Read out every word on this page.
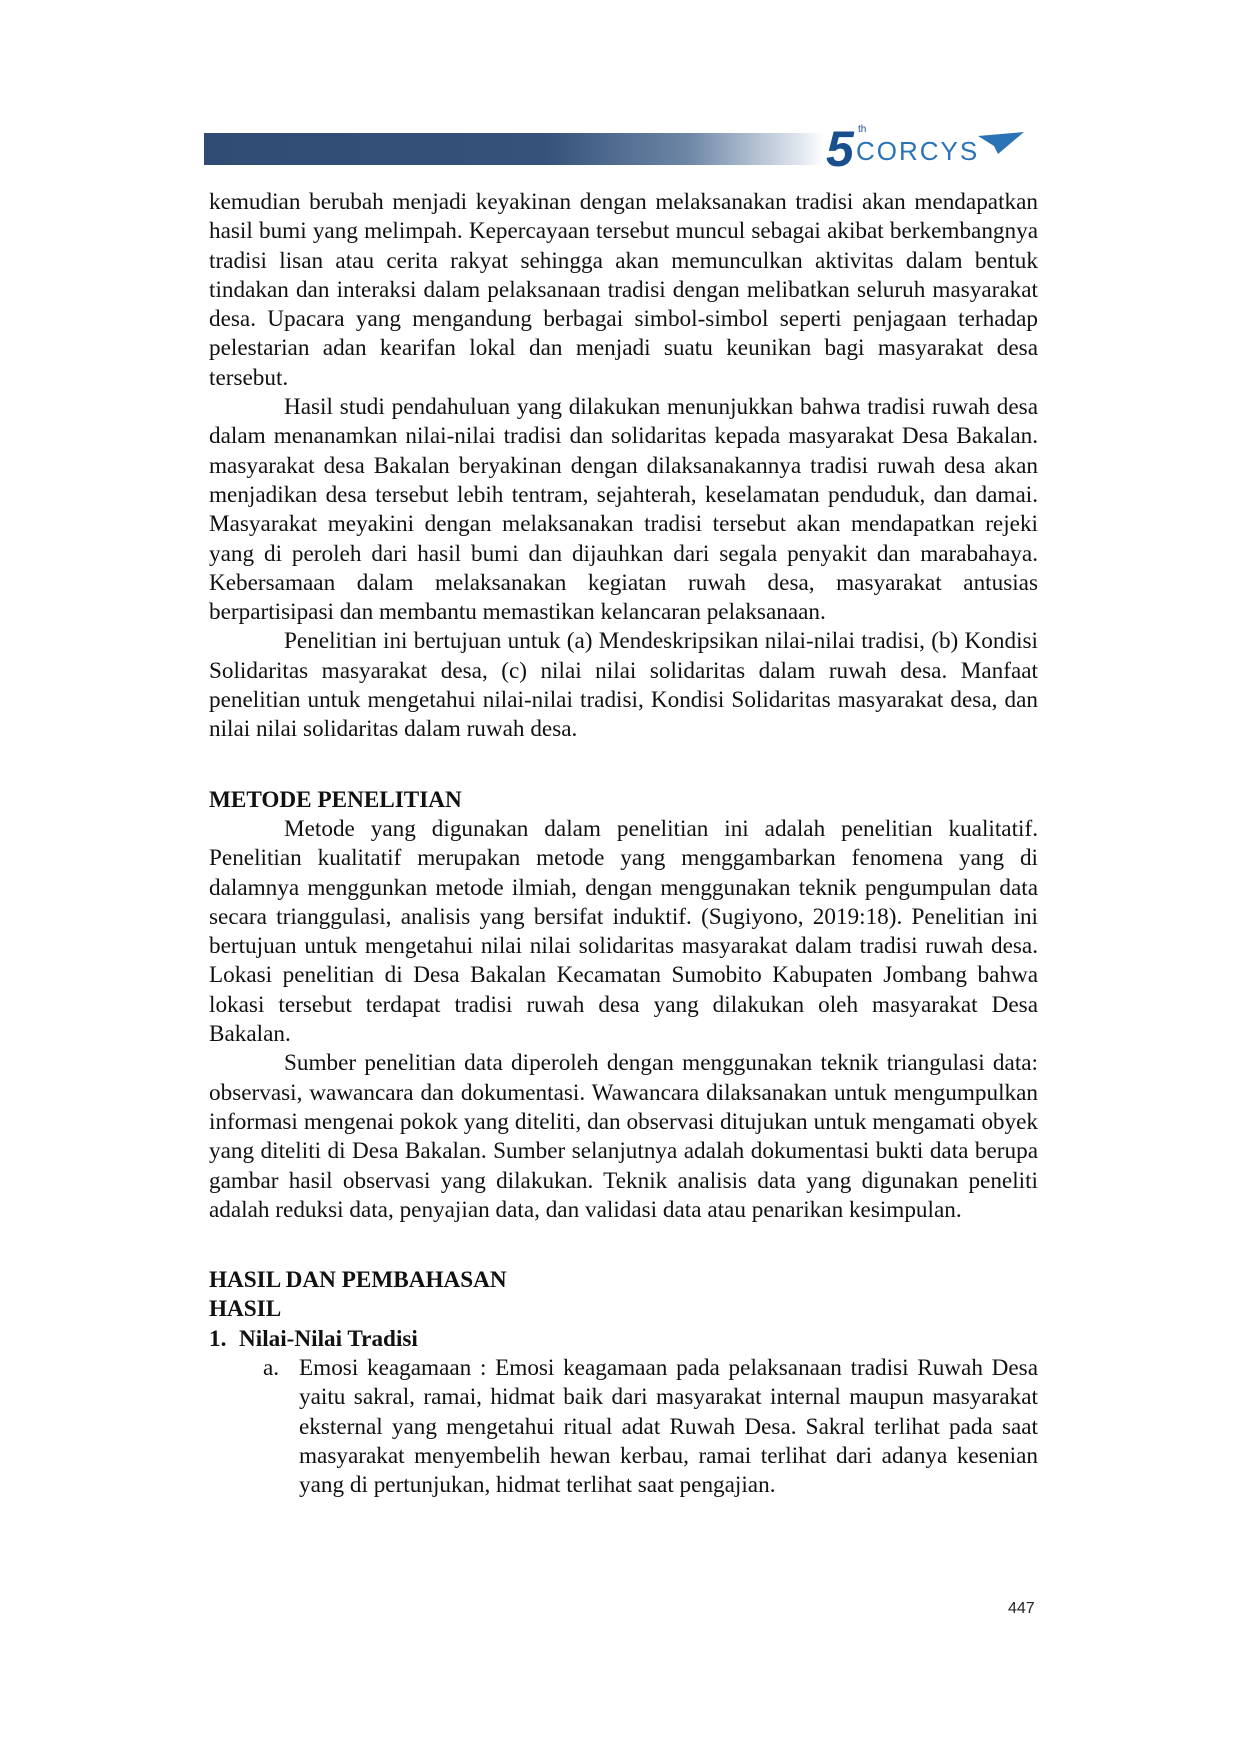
5 th
CORCYS

kemudian berubah menjadi keyakinan dengan melaksanakan tradisi akan mendapatkan hasil bumi yang melimpah. Kepercayaan tersebut muncul sebagai akibat berkembangnya tradisi lisan atau cerita rakyat sehingga akan memunculkan aktivitas dalam bentuk tindakan dan interaksi dalam pelaksanaan tradisi dengan melibatkan seluruh masyarakat desa. Upacara yang mengandung berbagai simbol-simbol seperti penjagaan terhadap pelestarian adan kearifan lokal dan menjadi suatu keunikan bagi masyarakat desa tersebut.

Hasil studi pendahuluan yang dilakukan menunjukkan bahwa tradisi ruwah desa dalam menanamkan nilai-nilai tradisi dan solidaritas kepada masyarakat Desa Bakalan. masyarakat desa Bakalan beryakinan dengan dilaksanakannya tradisi ruwah desa akan menjadikan desa tersebut lebih tentram, sejahterah, keselamatan penduduk, dan damai. Masyarakat meyakini dengan melaksanakan tradisi tersebut akan mendapatkan rejeki yang di peroleh dari hasil bumi dan dijauhkan dari segala penyakit dan marabahaya. Kebersamaan dalam melaksanakan kegiatan ruwah desa, masyarakat antusias berpartisipasi dan membantu memastikan kelancaran pelaksanaan.

Penelitian ini bertujuan untuk (a) Mendeskripsikan nilai-nilai tradisi, (b) Kondisi Solidaritas masyarakat desa, (c) nilai nilai solidaritas dalam ruwah desa. Manfaat penelitian untuk mengetahui nilai-nilai tradisi, Kondisi Solidaritas masyarakat desa, dan nilai nilai solidaritas dalam ruwah desa.

METODE PENELITIAN

Metode yang digunakan dalam penelitian ini adalah penelitian kualitatif. Penelitian kualitatif merupakan metode yang menggambarkan fenomena yang di dalamnya menggunkan metode ilmiah, dengan menggunakan teknik pengumpulan data secara trianggulasi, analisis yang bersifat induktif. (Sugiyono, 2019:18). Penelitian ini bertujuan untuk mengetahui nilai nilai solidaritas masyarakat dalam tradisi ruwah desa. Lokasi penelitian di Desa Bakalan Kecamatan Sumobito Kabupaten Jombang bahwa lokasi tersebut terdapat tradisi ruwah desa yang dilakukan oleh masyarakat Desa Bakalan.

Sumber penelitian data diperoleh dengan menggunakan teknik triangulasi data: observasi, wawancara dan dokumentasi. Wawancara dilaksanakan untuk mengumpulkan informasi mengenai pokok yang diteliti, dan observasi ditujukan untuk mengamati obyek yang diteliti di Desa Bakalan. Sumber selanjutnya adalah dokumentasi bukti data berupa gambar hasil observasi yang dilakukan. Teknik analisis data yang digunakan peneliti adalah reduksi data, penyajian data, dan validasi data atau penarikan kesimpulan.

HASIL DAN PEMBAHASAN

HASIL

1. Nilai-Nilai Tradisi
a. Emosi keagamaan : Emosi keagamaan pada pelaksanaan tradisi Ruwah Desa yaitu sakral, ramai, hidmat baik dari masyarakat internal maupun masyarakat eksternal yang mengetahui ritual adat Ruwah Desa. Sakral terlihat pada saat masyarakat menyembelih hewan kerbau, ramai terlihat dari adanya kesenian yang di pertunjukan, hidmat terlihat saat pengajian.
447
